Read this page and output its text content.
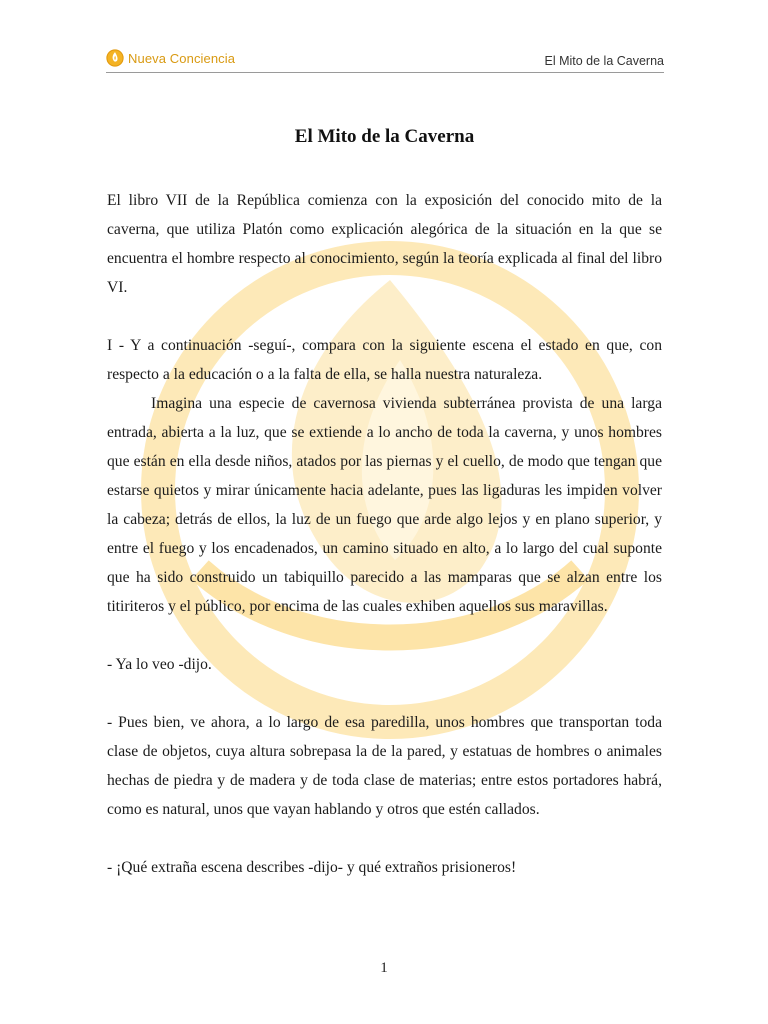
Nueva Conciencia	El Mito de la Caverna
El Mito de la Caverna

El libro VII de la República comienza con la exposición del conocido mito de la caverna, que utiliza Platón como explicación alegórica de la situación en la que se encuentra el hombre respecto al conocimiento, según la teoría explicada al final del libro VI.

I - Y a continuación -seguí-, compara con la siguiente escena el estado en que, con respecto a la educación o a la falta de ella, se halla nuestra naturaleza.

Imagina una especie de cavernosa vivienda subterránea provista de una larga entrada, abierta a la luz, que se extiende a lo ancho de toda la caverna, y unos hombres que están en ella desde niños, atados por las piernas y el cuello, de modo que tengan que estarse quietos y mirar únicamente hacia adelante, pues las ligaduras les impiden volver la cabeza; detrás de ellos, la luz de un fuego que arde algo lejos y en plano superior, y entre el fuego y los encadenados, un camino situado en alto, a lo largo del cual suponte que ha sido construido un tabiquillo parecido a las mamparas que se alzan entre los titiriteros y el público, por encima de las cuales exhiben aquellos sus maravillas.

- Ya lo veo -dijo.

- Pues bien, ve ahora, a lo largo de esa paredilla, unos hombres que transportan toda clase de objetos, cuya altura sobrepasa la de la pared, y estatuas de hombres o animales hechas de piedra y de madera y de toda clase de materias; entre estos portadores habrá, como es natural, unos que vayan hablando y otros que estén callados.

- ¡Qué extraña escena describes -dijo- y qué extraños prisioneros!

1
